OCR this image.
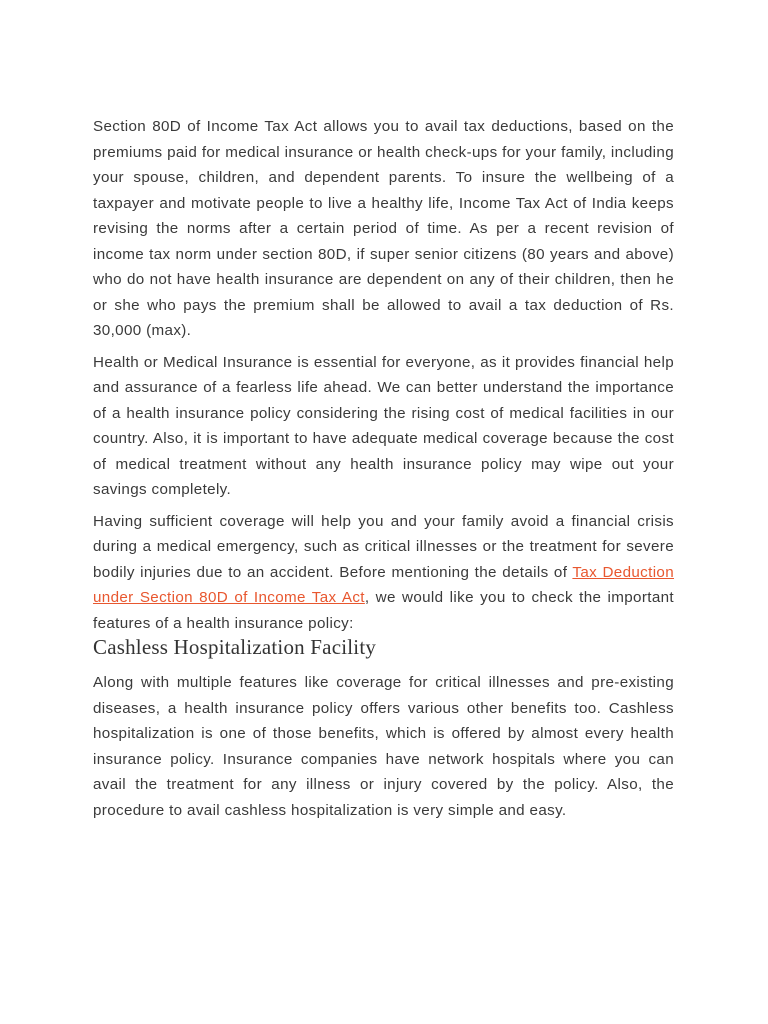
Section 80D of Income Tax Act allows you to avail tax deductions, based on the premiums paid for medical insurance or health check-ups for your family, including your spouse, children, and dependent parents. To insure the wellbeing of a taxpayer and motivate people to live a healthy life, Income Tax Act of India keeps revising the norms after a certain period of time. As per a recent revision of income tax norm under section 80D, if super senior citizens (80 years and above) who do not have health insurance are dependent on any of their children, then he or she who pays the premium shall be allowed to avail a tax deduction of Rs. 30,000 (max).

Health or Medical Insurance is essential for everyone, as it provides financial help and assurance of a fearless life ahead. We can better understand the importance of a health insurance policy considering the rising cost of medical facilities in our country. Also, it is important to have adequate medical coverage because the cost of medical treatment without any health insurance policy may wipe out your savings completely.

Having sufficient coverage will help you and your family avoid a financial crisis during a medical emergency, such as critical illnesses or the treatment for severe bodily injuries due to an accident. Before mentioning the details of Tax Deduction under Section 80D of Income Tax Act, we would like you to check the important features of a health insurance policy:

Cashless Hospitalization Facility

Along with multiple features like coverage for critical illnesses and pre-existing diseases, a health insurance policy offers various other benefits too. Cashless hospitalization is one of those benefits, which is offered by almost every health insurance policy. Insurance companies have network hospitals where you can avail the treatment for any illness or injury covered by the policy. Also, the procedure to avail cashless hospitalization is very simple and easy.
